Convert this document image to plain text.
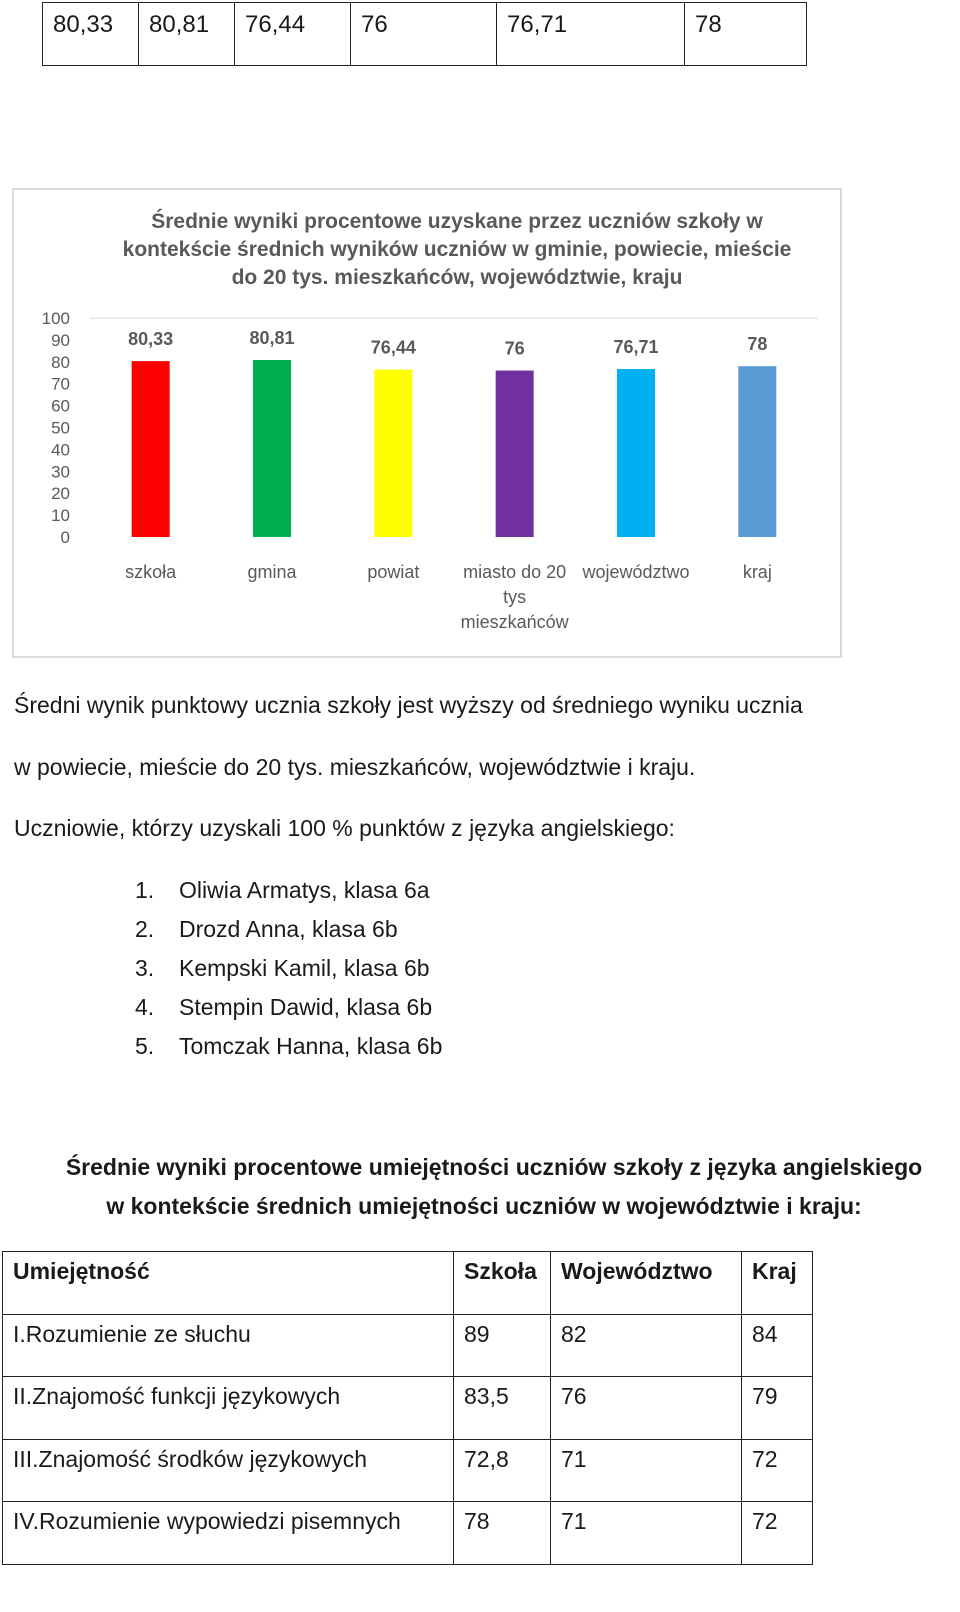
80,33	80,81	76,44	76	76,71	78
Średnie wyniki procentowe uzyskane przez uczniów szkoły w
kontekście średnich wyników uczniów w gminie, powiecie, mieście
do 20 tys. mieszkańców, województwie, kraju
100
90
80
70
60
50
40
30
20
10
0
80,33
szkoła
80,81
gmina
76,44
powiat
76
miasto do 20
tys
mieszkańców
76,71
województwo
78
kraj
Średni wynik punktowy ucznia szkoły jest wyższy od średniego wyniku ucznia
w powiecie, mieście do 20 tys. mieszkańców, województwie i kraju.
Uczniowie, którzy uzyskali 100 % punktów z języka angielskiego:
1. Oliwia Armatys, klasa 6a
2. Drozd Anna, klasa 6b
3. Kempski Kamil, klasa 6b
4. Stempin Dawid, klasa 6b
5. Tomczak Hanna, klasa 6b
Średnie wyniki procentowe umiejętności uczniów szkoły z języka angielskiego
w kontekście średnich umiejętności uczniów w województwie i kraju:
Umiejętność	Szkoła	Województwo	Kraj
I.Rozumienie ze słuchu	89	82	84
II.Znajomość funkcji językowych	83,5	76	79
III.Znajomość środków językowych	72,8	71	72
IV.Rozumienie wypowiedzi pisemnych	78	71	72
